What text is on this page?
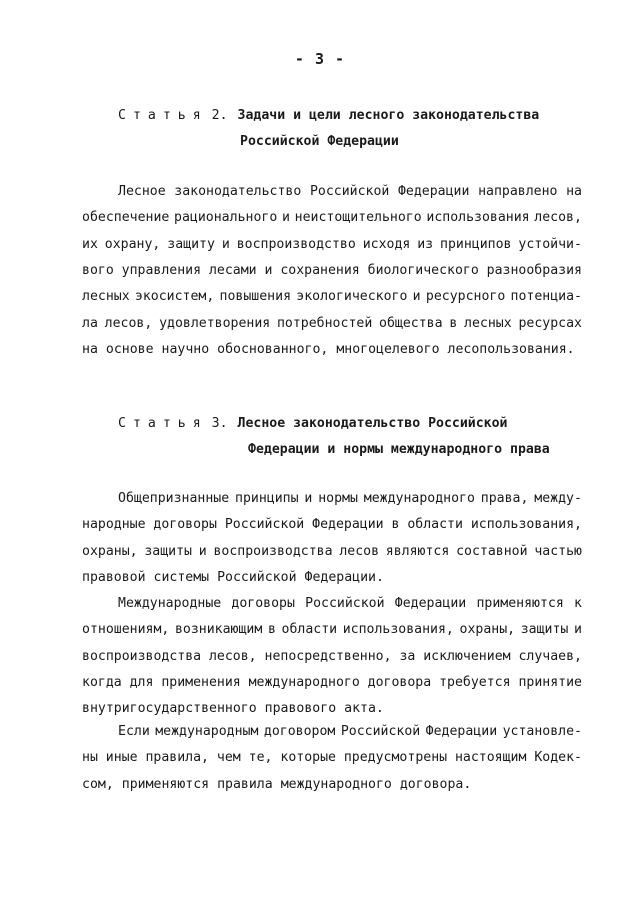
- 3 -
Статья 2. Задачи и цели лесного законодательства
Российской Федерации
Лесное законодательство Российской Федерации направлено на
обеспечение рационального и неистощительного использования лесов,
их охрану, защиту и воспроизводство исходя из принципов устойчи-
вого управления лесами и сохранения биологического разнообразия
лесных экосистем, повышения экологического и ресурсного потенциа-
ла лесов, удовлетворения потребностей общества в лесных ресурсах
на основе научно обоснованного, многоцелевого лесопользования.
Статья 3. Лесное законодательство Российской
Федерации и нормы международного права
Общепризнанные принципы и нормы международного права, между-
народные договоры Российской Федерации в области использования,
охраны, защиты и воспроизводства лесов являются составной частью
правовой системы Российской Федерации.
Международные договоры Российской Федерации применяются к
отношениям, возникающим в области использования, охраны, защиты и
воспроизводства лесов, непосредственно, за исключением случаев,
когда для применения международного договора требуется принятие
внутригосударственного правового акта.
Если международным договором Российской Федерации установле-
ны иные правила, чем те, которые предусмотрены настоящим Кодек-
сом, применяются правила международного договора.
